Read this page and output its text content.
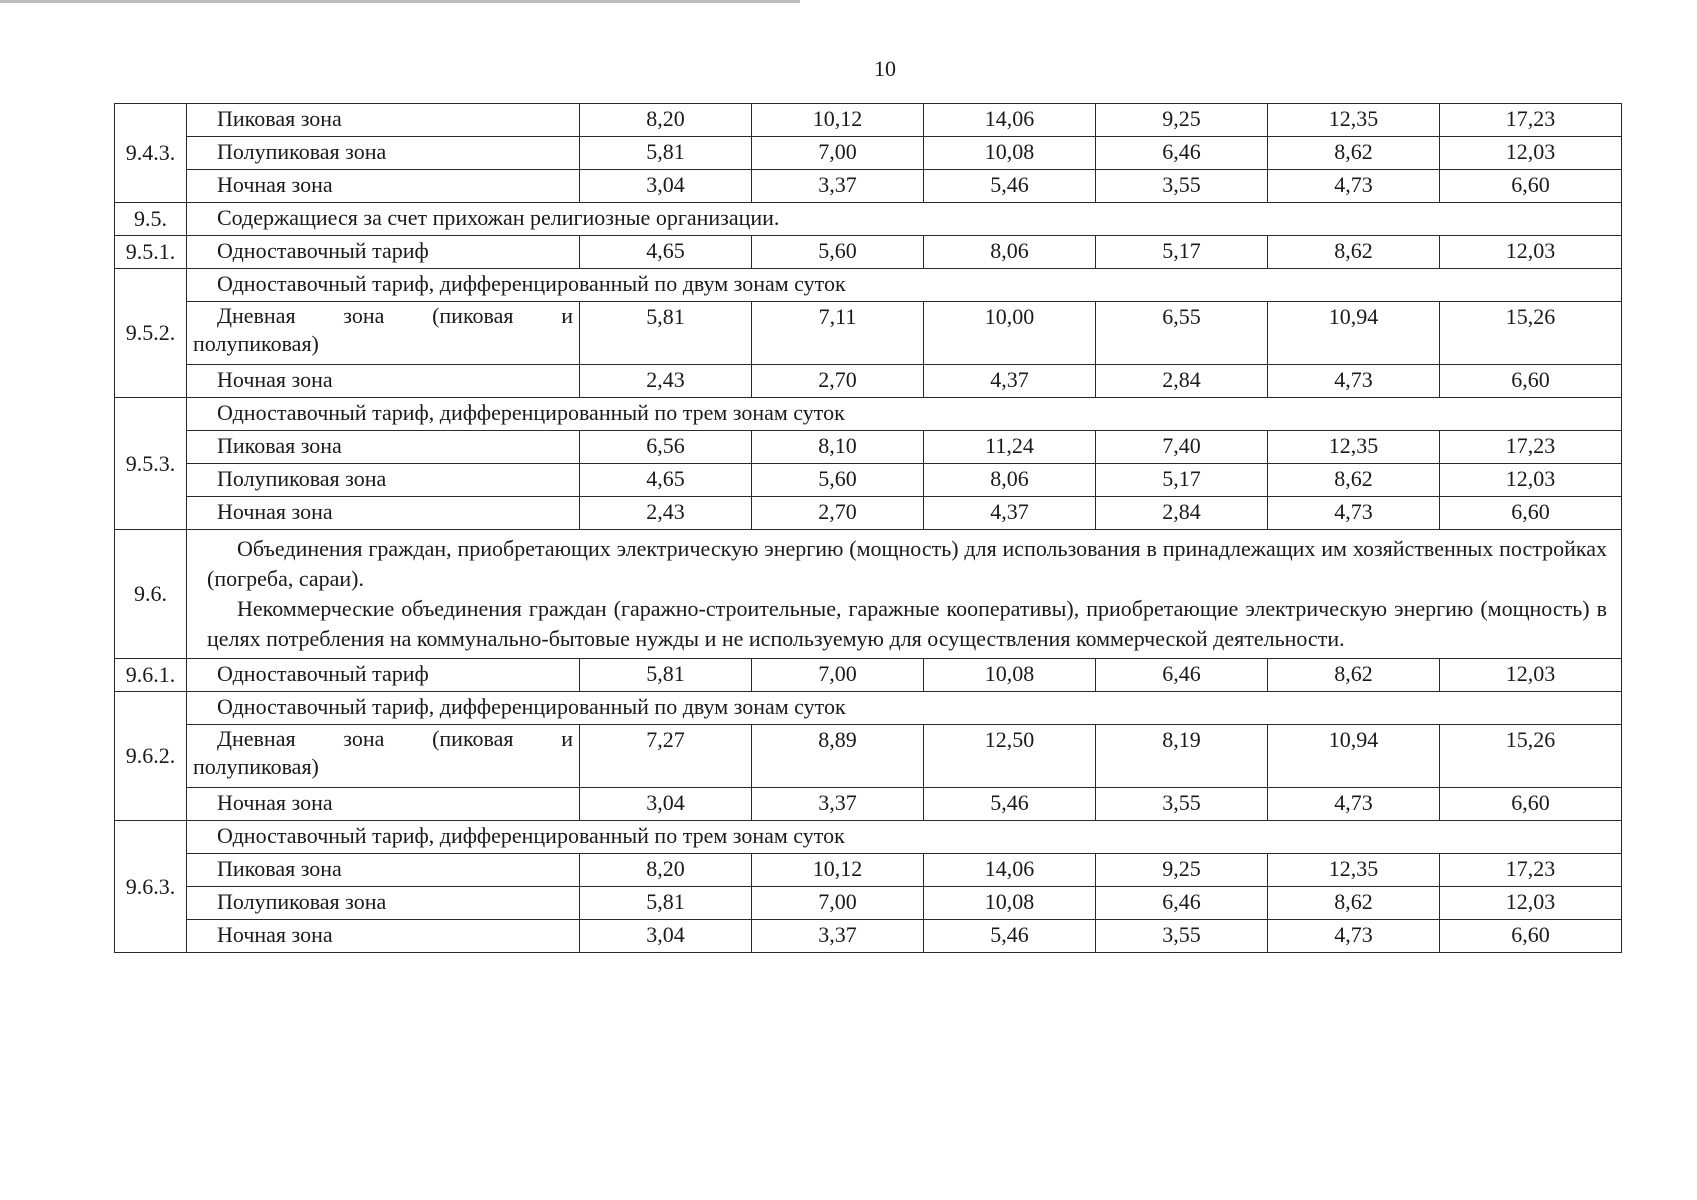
10
9.4.3.	Пиковая зона	8,20	10,12	14,06	9,25	12,35	17,23
	Полупиковая зона	5,81	7,00	10,08	6,46	8,62	12,03
	Ночная зона	3,04	3,37	5,46	3,55	4,73	6,60
9.5.	Содержащиеся за счет прихожан религиозные организации.						
9.5.1.	Одноставочный тариф	4,65	5,60	8,06	5,17	8,62	12,03
9.5.2.	Одноставочный тариф, дифференцированный по двум зонам суток						

	Дневная зона (пиковая и
полупиковая)	5,81	7,11	10,00	6,55	10,94	15,26
	Ночная зона	2,43	2,70	4,37	2,84	4,73	6,60
9.5.3.	Одноставочный тариф, дифференцированный по трем зонам суток						
	Пиковая зона	6,56	8,10	11,24	7,40	12,35	17,23
	Полупиковая зона	4,65	5,60	8,06	5,17	8,62	12,03
	Ночная зона	2,43	2,70	4,37	2,84	4,73	6,60
9.6.	Объединения граждан, приобретающих электрическую энергию (мощность) для использования в принадлежащих им хозяйственных постройках (погреба, сараи).

Некоммерческие объединения граждан (гаражно-строительные, гаражные кооперативы), приобретающие электрическую энергию (мощность) в целях потребления на коммунально-бытовые нужды и не используемую для осуществления коммерческой деятельности.						

9.6.1.	Одноставочный тариф	5,81	7,00	10,08	6,46	8,62	12,03
9.6.2.	Одноставочный тариф, дифференцированный по двум зонам суток						

	Дневная зона (пиковая и
полупиковая)	7,27	8,89	12,50	8,19	10,94	15,26
	Ночная зона	3,04	3,37	5,46	3,55	4,73	6,60
9.6.3.	Одноставочный тариф, дифференцированный по трем зонам суток						
	Пиковая зона	8,20	10,12	14,06	9,25	12,35	17,23
	Полупиковая зона	5,81	7,00	10,08	6,46	8,62	12,03
	Ночная зона	3,04	3,37	5,46	3,55	4,73	6,60
